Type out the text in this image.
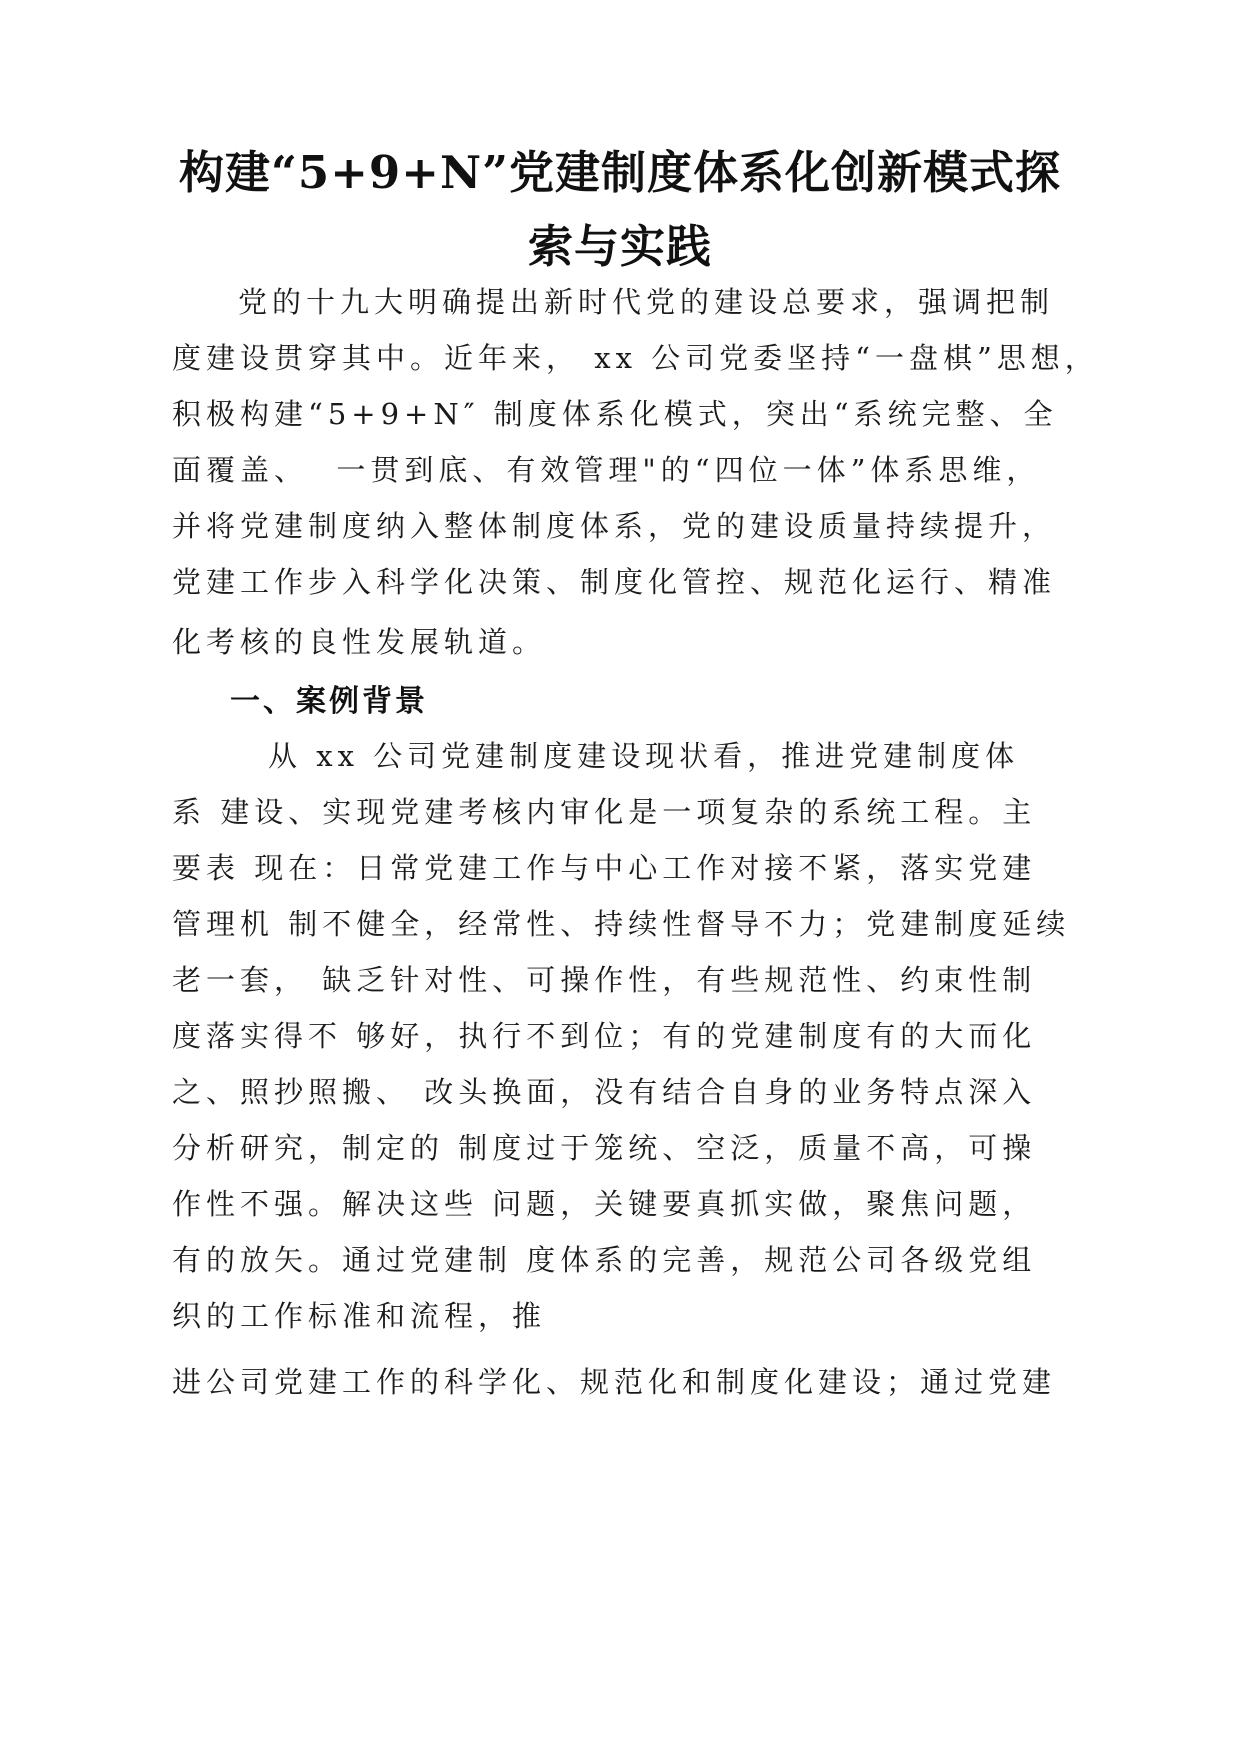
构建“5+9+N”党建制度体系化创新模式探
索与实践
党的十九大明确提出新时代党的建设总要求，强调把制
度建设贯穿其中。近年来， xx 公司党委坚持“一盘棋”思想，
积极构建“5+9+N″ 制度体系化模式，突出“系统完整、全
面覆盖、  一贯到底、有效管理"的“四位一体”体系思维，
并将党建制度纳入整体制度体系，党的建设质量持续提升，
党建工作步入科学化决策、制度化管控、规范化运行、精准
化考核的良性发展轨道。
一、案例背景
从 xx 公司党建制度建设现状看，推进党建制度体
系 建设、实现党建考核内审化是一项复杂的系统工程。主
要表 现在：日常党建工作与中心工作对接不紧，落实党建
管理机 制不健全，经常性、持续性督导不力；党建制度延续
老一套， 缺乏针对性、可操作性，有些规范性、约束性制
度落实得不 够好，执行不到位；有的党建制度有的大而化
之、照抄照搬、 改头换面，没有结合自身的业务特点深入
分析研究，制定的 制度过于笼统、空泛，质量不高，可操
作性不强。解决这些 问题，关键要真抓实做，聚焦问题，
有的放矢。通过党建制 度体系的完善，规范公司各级党组
织的工作标准和流程，推
进公司党建工作的科学化、规范化和制度化建设；通过党建
